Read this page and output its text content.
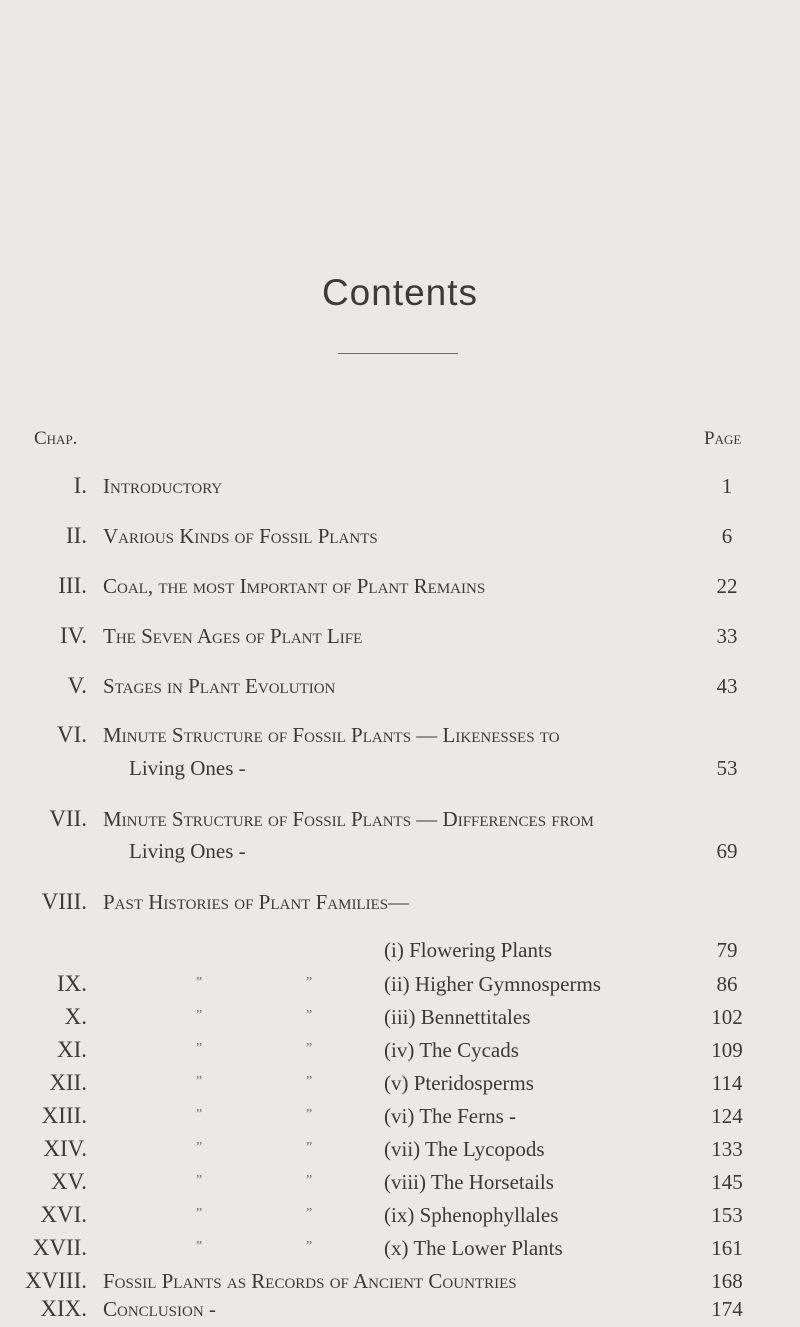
Contents
Chap.	Page
I. Introductory	1
II. Various Kinds of Fossil Plants	6
III. Coal, the most Important of Plant Remains	22
IV. The Seven Ages of Plant Life	33
V. Stages in Plant Evolution	43
VI. Minute Structure of Fossil Plants — Likenesses to
Living Ones -	53
VII. Minute Structure of Fossil Plants — Differences from
Living Ones -	69
VIII. Past Histories of Plant Families—
(i) Flowering Plants	79
IX.	”	”	(ii) Higher Gymnosperms	86
X.	”	”	(iii) Bennettitales	102
XI.	”	”	(iv) The Cycads	109
XII.	”	”	(v) Pteridosperms	114
XIII.	”	”	(vi) The Ferns -	124
XIV.	”	”	(vii) The Lycopods	133
XV.	”	”	(viii) The Horsetails	145
XVI.	”	”	(ix) Sphenophyllales	153
XVII.	”	”	(x) The Lower Plants	161
XVIII. Fossil Plants as Records of Ancient Countries	168
XIX. Conclusion -	174
